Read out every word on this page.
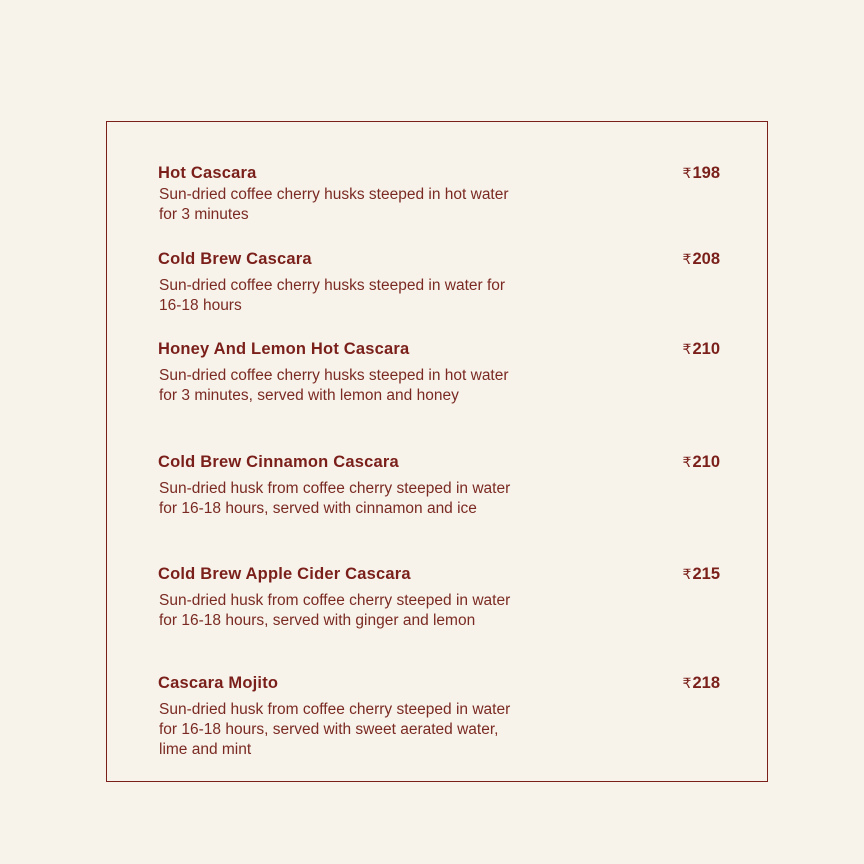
Hot Cascara	₹198
Sun-dried coffee cherry husks steeped in hot water for 3 minutes
Cold Brew Cascara	₹208
Sun-dried coffee cherry husks steeped in water for 16-18 hours
Honey And Lemon Hot Cascara	₹210
Sun-dried coffee cherry husks steeped in hot water for 3 minutes, served with lemon and honey
Cold Brew Cinnamon Cascara	₹210
Sun-dried husk from coffee cherry steeped in water for 16-18 hours, served with cinnamon and ice
Cold Brew Apple Cider Cascara	₹215
Sun-dried husk from coffee cherry steeped in water for 16-18 hours, served with ginger and lemon
Cascara Mojito	₹218
Sun-dried husk from coffee cherry steeped in water for 16-18 hours, served with sweet aerated water, lime and mint
